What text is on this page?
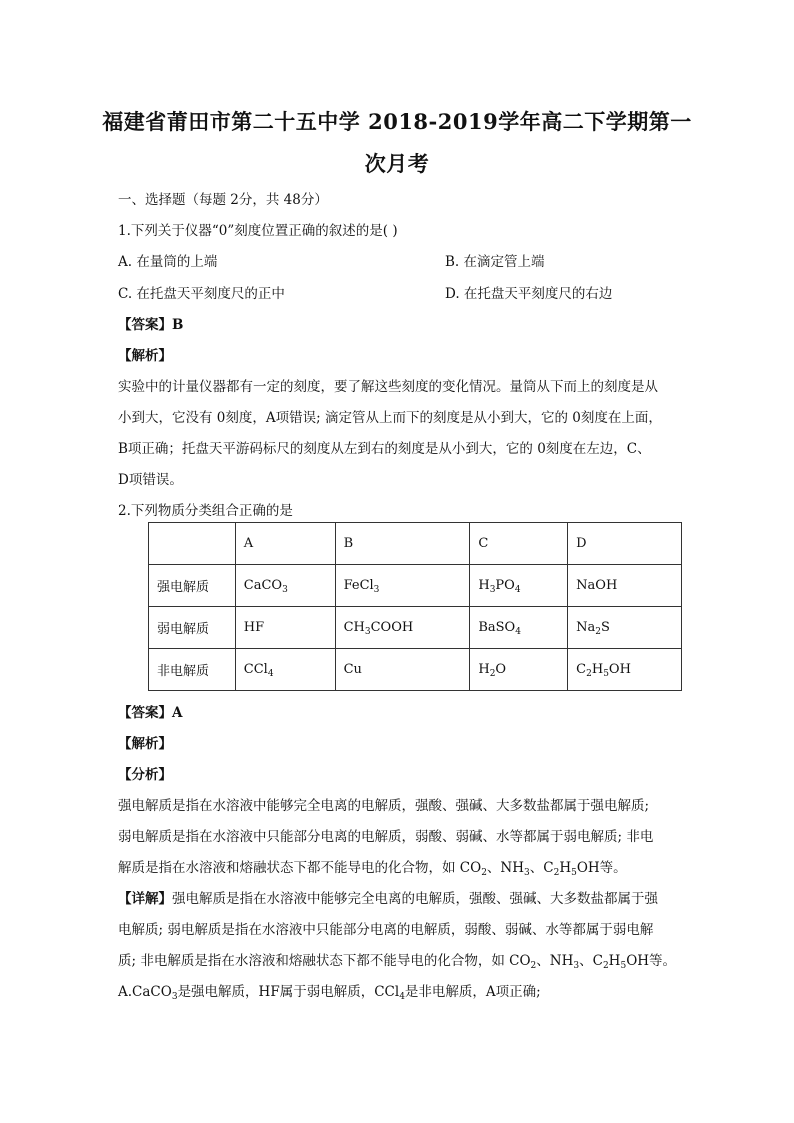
福建省莆田市第二十五中学 2018-2019学年高二下学期第一
次月考
一、选择题（每题 2分，共 48分）
1.下列关于仪器“0”刻度位置正确的叙述的是( )
A. 在量筒的上端	B. 在滴定管上端
C. 在托盘天平刻度尺的正中	D. 在托盘天平刻度尺的右边
【答案】B
【解析】
实验中的计量仪器都有一定的刻度，要了解这些刻度的变化情况。量筒从下而上的刻度是从
小到大，它没有 0刻度，A项错误; 滴定管从上而下的刻度是从小到大，它的 0刻度在上面，
B项正确；托盘天平游码标尺的刻度从左到右的刻度是从小到大，它的 0刻度在左边，C、
D项错误。
2.下列物质分类组合正确的是
	A	B	C	D
强电解质	CaCO$_3$	FeCl$_3$	$H_3PO_4$	NaOH
弱电解质	HF	$CH_3COOH$	BaSO$_4$	$Na_2S$
非电解质	CCl$_4$	Cu	$H_2O$	$C_2H_5OH$
【答案】A
【解析】
【分析】
强电解质是指在水溶液中能够完全电离的电解质，强酸、强碱、大多数盐都属于强电解质;
弱电解质是指在水溶液中只能部分电离的电解质，弱酸、弱碱、水等都属于弱电解质; 非电
解质是指在水溶液和熔融状态下都不能导电的化合物，如 $CO_2$、$NH_3$、$C_2H_5OH$等。
【详解】强电解质是指在水溶液中能够完全电离的电解质，强酸、强碱、大多数盐都属于强
电解质; 弱电解质是指在水溶液中只能部分电离的电解质，弱酸、弱碱、水等都属于弱电解
质; 非电解质是指在水溶液和熔融状态下都不能导电的化合物，如 $CO_2$、$NH_3$、$C_2H_5OH$等。
A.CaCO$_3$是强电解质，HF属于弱电解质，CCl$_4$是非电解质，A项正确;
